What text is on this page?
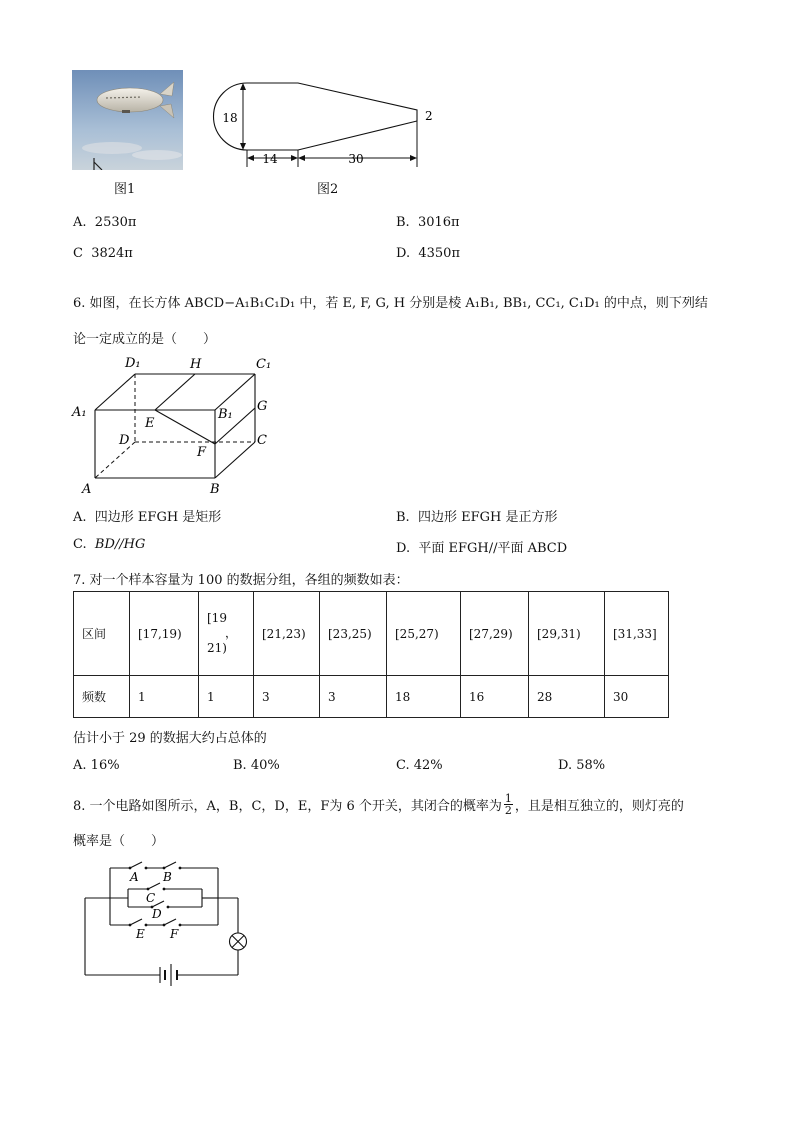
图1
18
14	30
2
图2
A. 2530π	B. 3016π
C 3824π	D. 4350π
6. 如图，在长方体 ABCD−A₁B₁C₁D₁ 中，若 E, F, G, H 分别是棱 A₁B₁, BB₁, CC₁, C₁D₁ 的中点，则下列结
论一定成立的是（　　）
D₁	H	C₁
A₁
E
B₁
G
D	C
F
A	B
A. 四边形 EFGH 是矩形	B. 四边形 EFGH 是正方形
C. BD//HG	D. 平面 EFGH//平面 ABCD
7. 对一个样本容量为 100 的数据分组，各组的频数如表：
区间	[17,19)	[19
，
21)	[21,23)	[23,25)	[25,27)	[27,29)	[29,31)	[31,33]
频数	1	1	3	3	18	16	28	30
估计小于 29 的数据大约占总体的
A. 16%	B. 40%	C. 42%	D. 58%
8. 一个电路如图所示，A，B，C，D，E，F为 6 个开关，其闭合的概率为 $\frac{1}{2}$ ，且是相互独立的，则灯亮的
概率是（　　）
A B
C
D
E F
